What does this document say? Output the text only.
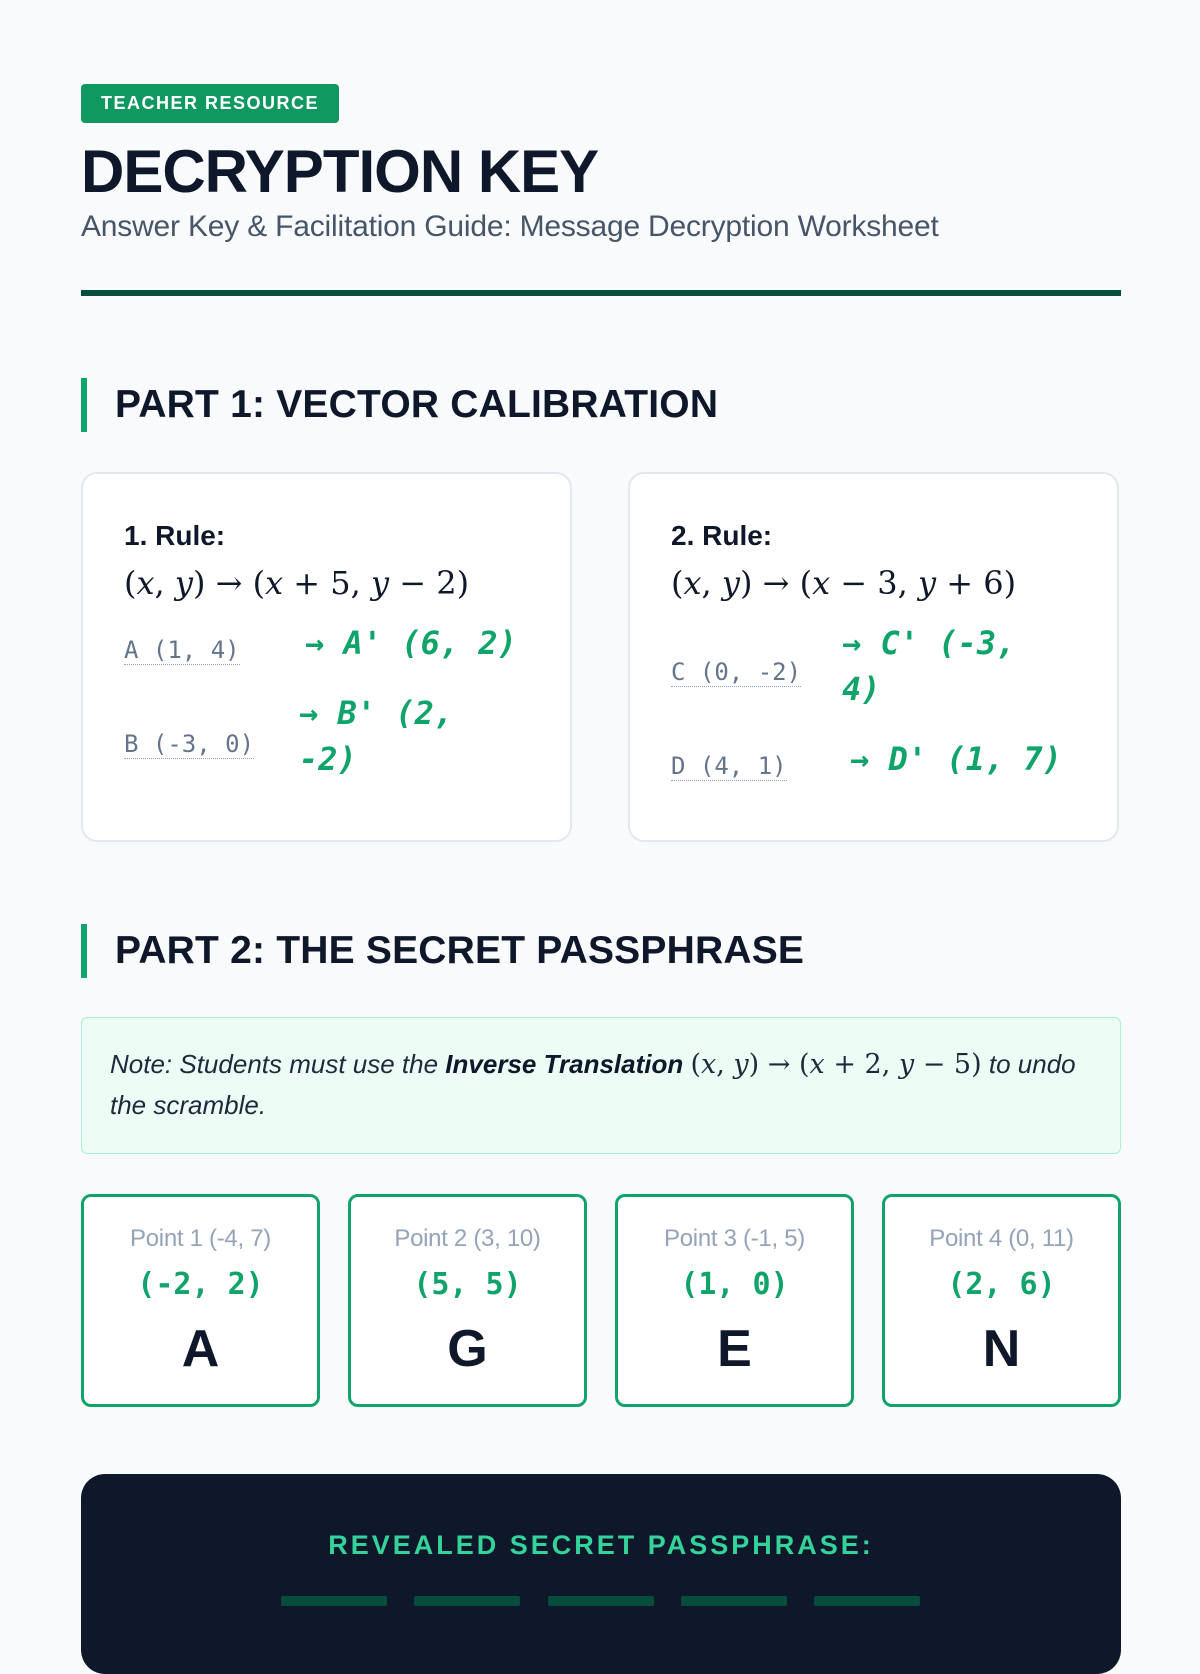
TEACHER RESOURCE
DECRYPTION KEY

Answer Key & Facilitation Guide: Message Decryption Worksheet

PART 1: VECTOR CALIBRATION
1. Rule:
(𝑥, 𝑦) → (𝑥 + 5, 𝑦 − 2)
A (1, 4) → A' (6, 2)
B (-3, 0)
→ B' (2, -2)
2. Rule:
(𝑥, 𝑦) → (𝑥 − 3, 𝑦 + 6)
C (0, -2)
→ C' (-3, 4)
D (4, 1) → D' (1, 7)
PART 2: THE SECRET PASSPHRASE
Note: Students must use the Inverse Translation (𝑥, 𝑦) → (𝑥 + 2, 𝑦 − 5) to undo the scramble.
Point 1 (-4, 7)
(-2, 2)
A
Point 2 (3, 10)
(5, 5)
G
Point 3 (-1, 5)
(1, 0)
E
Point 4 (0, 11)
(2, 6)
N
REVEALED SECRET PASSPHRASE:
